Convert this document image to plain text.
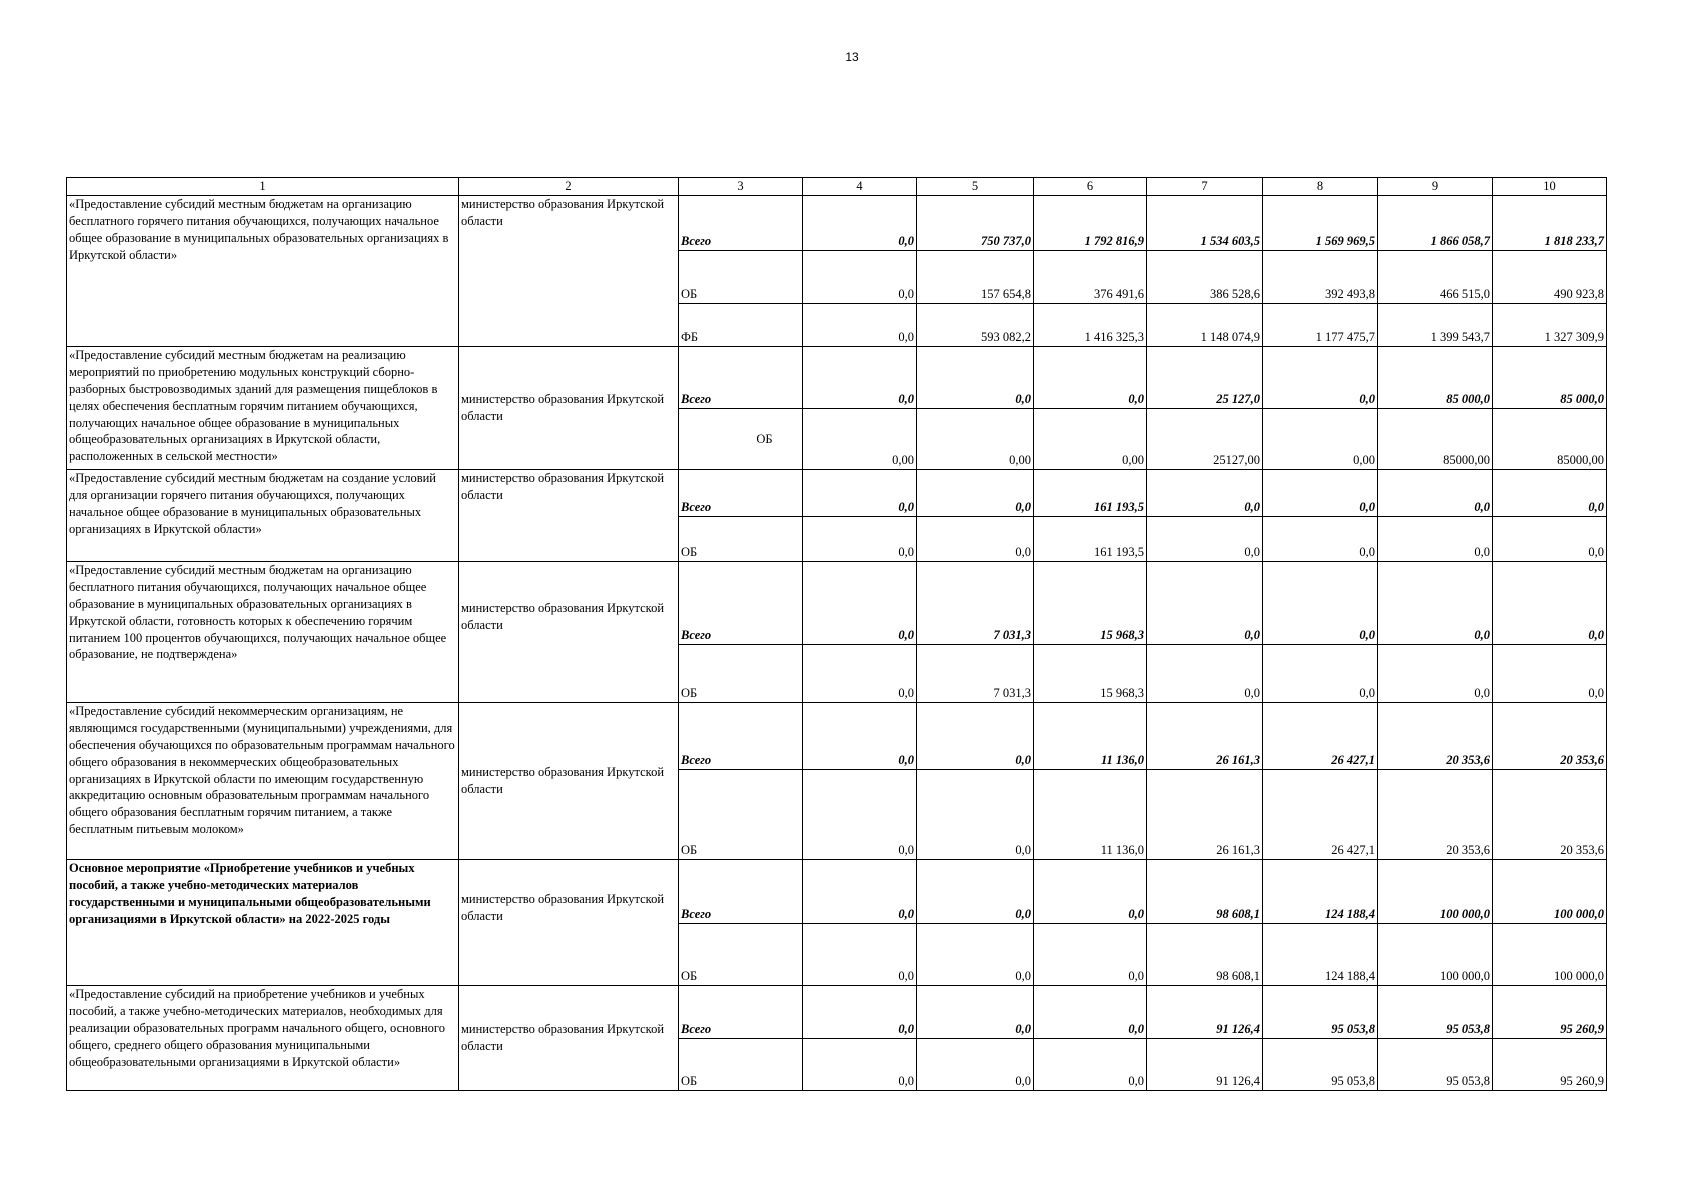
13
1	2	3	4	5	6	7	8	9	10
«Предоставление субсидий местным бюджетам на организацию бесплатного горячего питания обучающихся, получающих начальное общее образование в муниципальных образовательных организациях в Иркутской области»	министерство образования Иркутской области	Всего	0,0	750 737,0	1 792 816,9	1 534 603,5	1 569 969,5	1 866 058,7	1 818 233,7
		ОБ	0,0	157 654,8	376 491,6	386 528,6	392 493,8	466 515,0	490 923,8
		ФБ	0,0	593 082,2	1 416 325,3	1 148 074,9	1 177 475,7	1 399 543,7	1 327 309,9
«Предоставление субсидий местным бюджетам на реализацию мероприятий по приобретению модульных конструкций сборно-разборных быстровозводимых зданий для размещения пищеблоков в целях обеспечения бесплатным горячим питанием обучающихся, получающих начальное общее образование в муниципальных общеобразовательных организациях в Иркутской области, расположенных в сельской местности»	министерство образования Иркутской области	Всего	0,0	0,0	0,0	25 127,0	0,0	85 000,0	85 000,0
		ОБ	0,00	0,00	0,00	25127,00	0,00	85000,00	85000,00
«Предоставление субсидий местным бюджетам на создание условий для организации горячего питания обучающихся, получающих начальное общее образование в муниципальных образовательных организациях в Иркутской области»	министерство образования Иркутской области	Всего	0,0	0,0	161 193,5	0,0	0,0	0,0	0,0
		ОБ	0,0	0,0	161 193,5	0,0	0,0	0,0	0,0
«Предоставление субсидий местным бюджетам на организацию бесплатного питания обучающихся, получающих начальное общее образование в муниципальных образовательных организациях в Иркутской области, готовность которых к обеспечению горячим питанием 100 процентов обучающихся, получающих начальное общее образование, не подтверждена»	министерство образования Иркутской области	Всего	0,0	7 031,3	15 968,3	0,0	0,0	0,0	0,0
		ОБ	0,0	7 031,3	15 968,3	0,0	0,0	0,0	0,0
«Предоставление субсидий некоммерческим организациям, не являющимся государственными (муниципальными) учреждениями, для обеспечения обучающихся по образовательным программам начального общего образования в некоммерческих общеобразовательных организациях в Иркутской области по имеющим государственную аккредитацию основным образовательным программам начального общего образования бесплатным горячим питанием, а также бесплатным питьевым молоком»	министерство образования Иркутской области	Всего	0,0	0,0	11 136,0	26 161,3	26 427,1	20 353,6	20 353,6
		ОБ	0,0	0,0	11 136,0	26 161,3	26 427,1	20 353,6	20 353,6
Основное мероприятие «Приобретение учебников и учебных пособий, а также учебно-методических материалов государственными и муниципальными общеобразовательными организациями в Иркутской области» на 2022-2025 годы	министерство образования Иркутской области	Всего	0,0	0,0	0,0	98 608,1	124 188,4	100 000,0	100 000,0
		ОБ	0,0	0,0	0,0	98 608,1	124 188,4	100 000,0	100 000,0
«Предоставление субсидий на приобретение учебников и учебных пособий, а также учебно-методических материалов, необходимых для реализации образовательных программ начального общего, основного общего, среднего общего образования муниципальными общеобразовательными организациями в Иркутской области»	министерство образования Иркутской области	Всего	0,0	0,0	0,0	91 126,4	95 053,8	95 053,8	95 260,9
		ОБ	0,0	0,0	0,0	91 126,4	95 053,8	95 053,8	95 260,9
